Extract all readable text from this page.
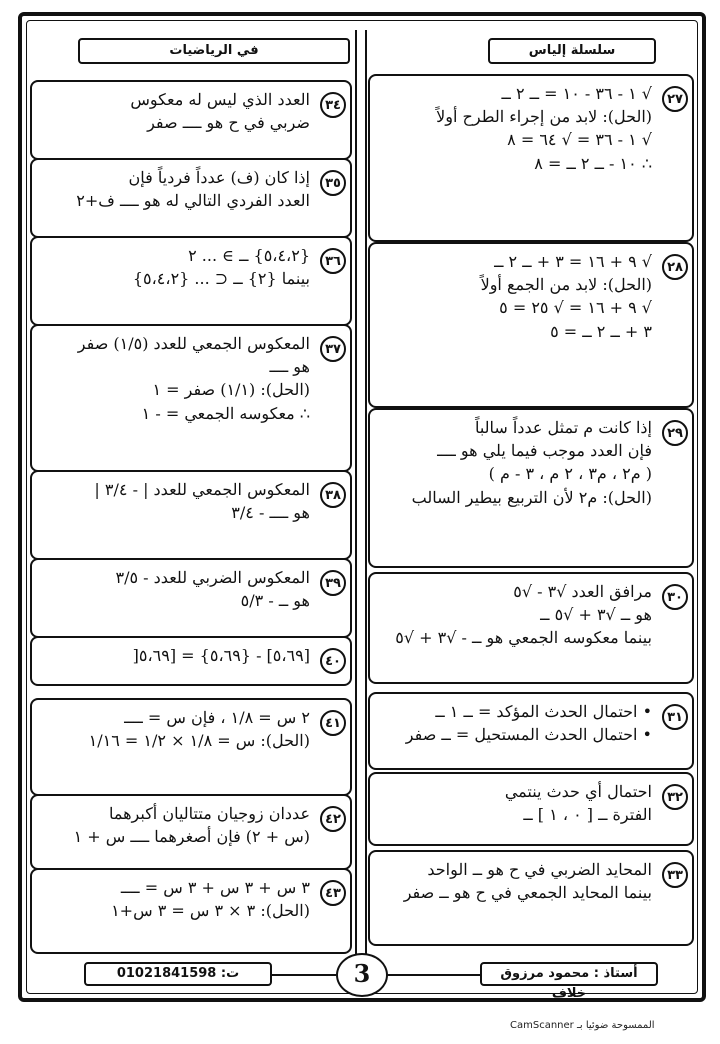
في الرياضيات	سلسلة إلياس
٣٤
العدد الذي ليس له معكوس
ضربي في ح هو ــــ صفر
٣٥
إذا كان (ف) عدداً فردياً فإن
العدد الفردي التالي له هو ــــ ف+٢
٣٦
{٥،٤،٢} ــ ∋ ... ٢
بينما {٢} ــ ⊂ ... {٥،٤،٢}
٣٧
المعكوس الجمعي للعدد (١/٥) صفر
هو ــــ
(الحل): (١/١) صفر = ١
∴ معكوسه الجمعي = - ١
٣٨
المعكوس الجمعي للعدد | - ٣/٤ |
هو ــــ - ٣/٤
٣٩
المعكوس الضربي للعدد - ٣/٥
هو ــ - ٥/٣
٤٠
[٥،٦٩] - {٥،٦٩} = [٥،٦٩[
٤١
٢ س = ١/٨ ، فإن س = ــــ
(الحل): س = ١/٨ × ١/٢ = ١/١٦
٤٢
عددان زوجيان متتاليان أكبرهما
(س + ٢) فإن أصغرهما ــــ س + ١
٤٣
٣ س + ٣ س + ٣ س = ــــ
(الحل): ٣ × ٣ س = ٣ س+١
٢٧
√ ١ - ٣٦ - ١٠ = ــ ٢ ــ
(الحل): لابد من إجراء الطرح أولاً
√ ١ - ٣٦ = √ ٦٤ = ٨
∴ ١٠ - ــ ٢ ــ = ٨
٢٨
√ ٩ + ١٦ = ٣ + ــ ٢ ــ
(الحل): لابد من الجمع أولاً
√ ٩ + ١٦ = √ ٢٥ = ٥
٣ + ــ ٢ ــ = ٥
٢٩
إذا كانت م تمثل عدداً سالباً
فإن العدد موجب فيما يلي هو ــــ
( م٢ ، م٣ ، ٢ م ، ٣ - م )
(الحل): م٢ لأن التربيع بيطير السالب
٣٠
مرافق العدد √٣ - √٥
هو ــ √٣ + √٥ ــ
بينما معكوسه الجمعي هو ــ - √٣ + √٥
٣١
• احتمال الحدث المؤكد = ــ ١ ــ
• احتمال الحدث المستحيل = ــ صفر
٣٢
احتمال أي حدث ينتمي
الفترة ــ [ ٠ ، ١ ] ــ
٣٣
المحايد الضربي في ح هو ــ الواحد
بينما المحايد الجمعي في ح هو ــ صفر
ت: 01021841598	3	أستاذ : محمود مرزوق خلاف
الممسوحة ضوئيا بـ CamScanner
